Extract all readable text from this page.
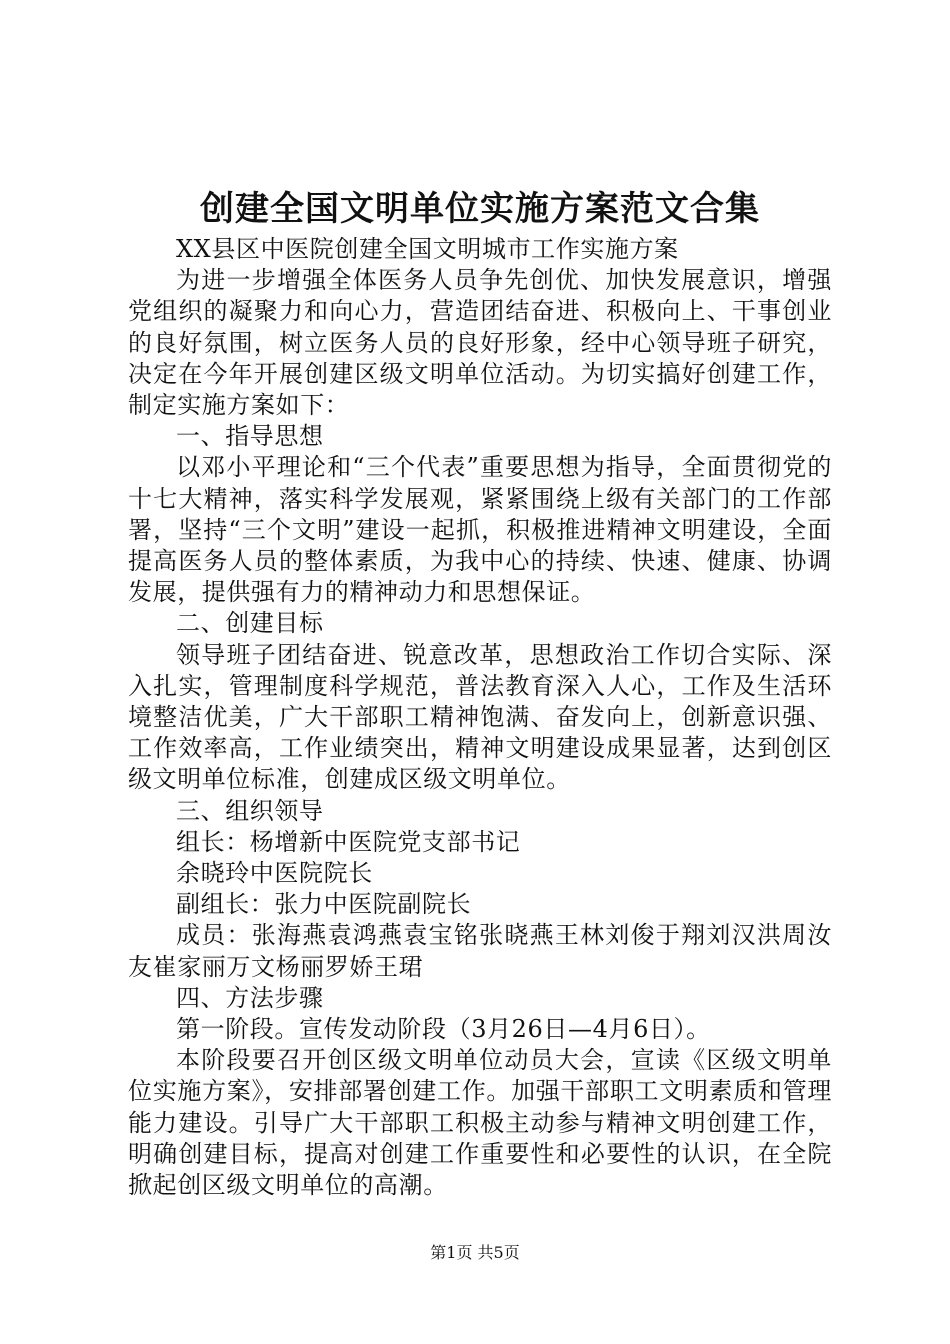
创建全国文明单位实施方案范文合集

XX县区中医院创建全国文明城市工作实施方案

为进一步增强全体医务人员争先创优、加快发展意识，增强党组织的凝聚力和向心力，营造团结奋进、积极向上、干事创业的良好氛围，树立医务人员的良好形象，经中心领导班子研究，决定在今年开展创建区级文明单位活动。为切实搞好创建工作，制定实施方案如下：

一、指导思想

以邓小平理论和“三个代表”重要思想为指导，全面贯彻党的十七大精神，落实科学发展观，紧紧围绕上级有关部门的工作部署，坚持“三个文明”建设一起抓，积极推进精神文明建设，全面提高医务人员的整体素质，为我中心的持续、快速、健康、协调发展，提供强有力的精神动力和思想保证。

二、创建目标

领导班子团结奋进、锐意改革，思想政治工作切合实际、深入扎实，管理制度科学规范，普法教育深入人心，工作及生活环境整洁优美，广大干部职工精神饱满、奋发向上，创新意识强、工作效率高，工作业绩突出，精神文明建设成果显著，达到创区级文明单位标准，创建成区级文明单位。

三、组织领导

组长：杨增新中医院党支部书记

余晓玲中医院院长

副组长：张力中医院副院长

成员：张海燕袁鸿燕袁宝铭张晓燕王林刘俊于翔刘汉洪周汝友崔家丽万文杨丽罗娇王珺

四、方法步骤

第一阶段。宣传发动阶段（3月26日—4月6日）。

本阶段要召开创区级文明单位动员大会，宣读《区级文明单位实施方案》，安排部署创建工作。加强干部职工文明素质和管理能力建设。引导广大干部职工积极主动参与精神文明创建工作，明确创建目标，提高对创建工作重要性和必要性的认识，在全院掀起创区级文明单位的高潮。

第1页 共5页
